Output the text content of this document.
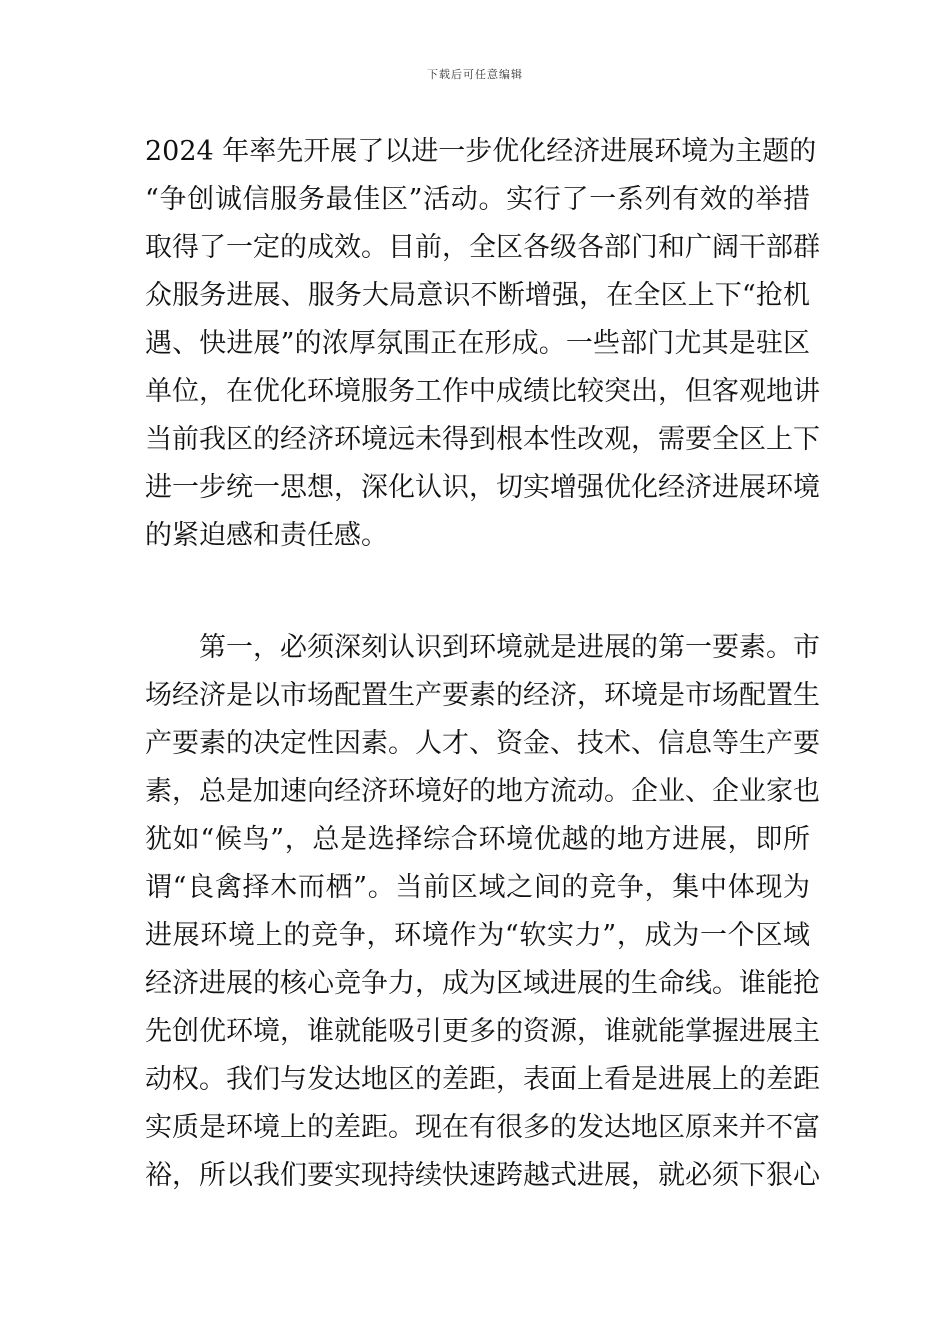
下载后可任意编辑
2024 年率先开展了以进一步优化经济进展环境为主题的
“争创诚信服务最佳区”活动。实行了一系列有效的举措
取得了一定的成效。目前，全区各级各部门和广阔干部群
众服务进展、服务大局意识不断增强，在全区上下“抢机
遇、快进展”的浓厚氛围正在形成。一些部门尤其是驻区
单位，在优化环境服务工作中成绩比较突出，但客观地讲
当前我区的经济环境远未得到根本性改观，需要全区上下
进一步统一思想，深化认识，切实增强优化经济进展环境
的紧迫感和责任感。
　　第一，必须深刻认识到环境就是进展的第一要素。市
场经济是以市场配置生产要素的经济，环境是市场配置生
产要素的决定性因素。人才、资金、技术、信息等生产要
素，总是加速向经济环境好的地方流动。企业、企业家也
犹如“候鸟”，总是选择综合环境优越的地方进展，即所
谓“良禽择木而栖”。当前区域之间的竞争，集中体现为
进展环境上的竞争，环境作为“软实力”，成为一个区域
经济进展的核心竞争力，成为区域进展的生命线。谁能抢
先创优环境，谁就能吸引更多的资源，谁就能掌握进展主
动权。我们与发达地区的差距，表面上看是进展上的差距
实质是环境上的差距。现在有很多的发达地区原来并不富
裕，所以我们要实现持续快速跨越式进展，就必须下狠心
